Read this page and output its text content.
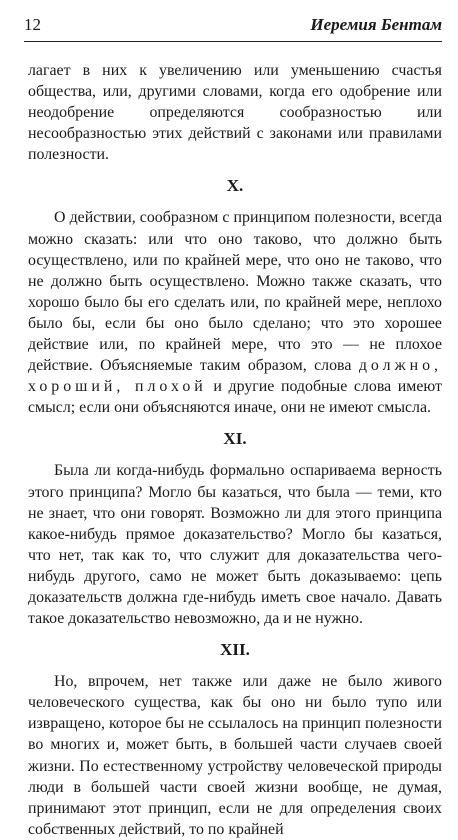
12	Иеремия Бентам

лагает в них к увеличению или уменьшению счастья общества, или, другими словами, когда его одобрение или неодобрение определяются сообразностью или несообразностью этих действий с законами или правилами полезности.

X.

О действии, сообразном с принципом полезности, всегда можно сказать: или что оно таково, что должно быть осуществлено, или по крайней мере, что оно не таково, что не должно быть осуществлено. Можно также сказать, что хорошо было бы его сделать или, по крайней мере, неплохо было бы, если бы оно было сделано; что это хорошее действие или, по крайней мере, что это — не плохое действие. Объясняемые таким образом, слова должно, хороший, плохой и другие подобные слова имеют смысл; если они объясняются иначе, они не имеют смысла.

XI.

Была ли когда-нибудь формально оспариваема верность этого принципа? Могло бы казаться, что была — теми, кто не знает, что они говорят. Возможно ли для этого принципа какое-нибудь прямое доказательство? Могло бы казаться, что нет, так как то, что служит для доказательства чего-нибудь другого, само не может быть доказываемо: цепь доказательств должна где-нибудь иметь свое начало. Давать такое доказательство невозможно, да и не нужно.

XII.

Но, впрочем, нет также или даже не было живого человеческого существа, как бы оно ни было тупо или извращено, которое бы не ссылалось на принцип полезности во многих и, может быть, в большей части случаев своей жизни. По естественному устройству человеческой природы люди в большей части своей жизни вообще, не думая, принимают этот принцип, если не для определения своих собственных действий, то по крайней
